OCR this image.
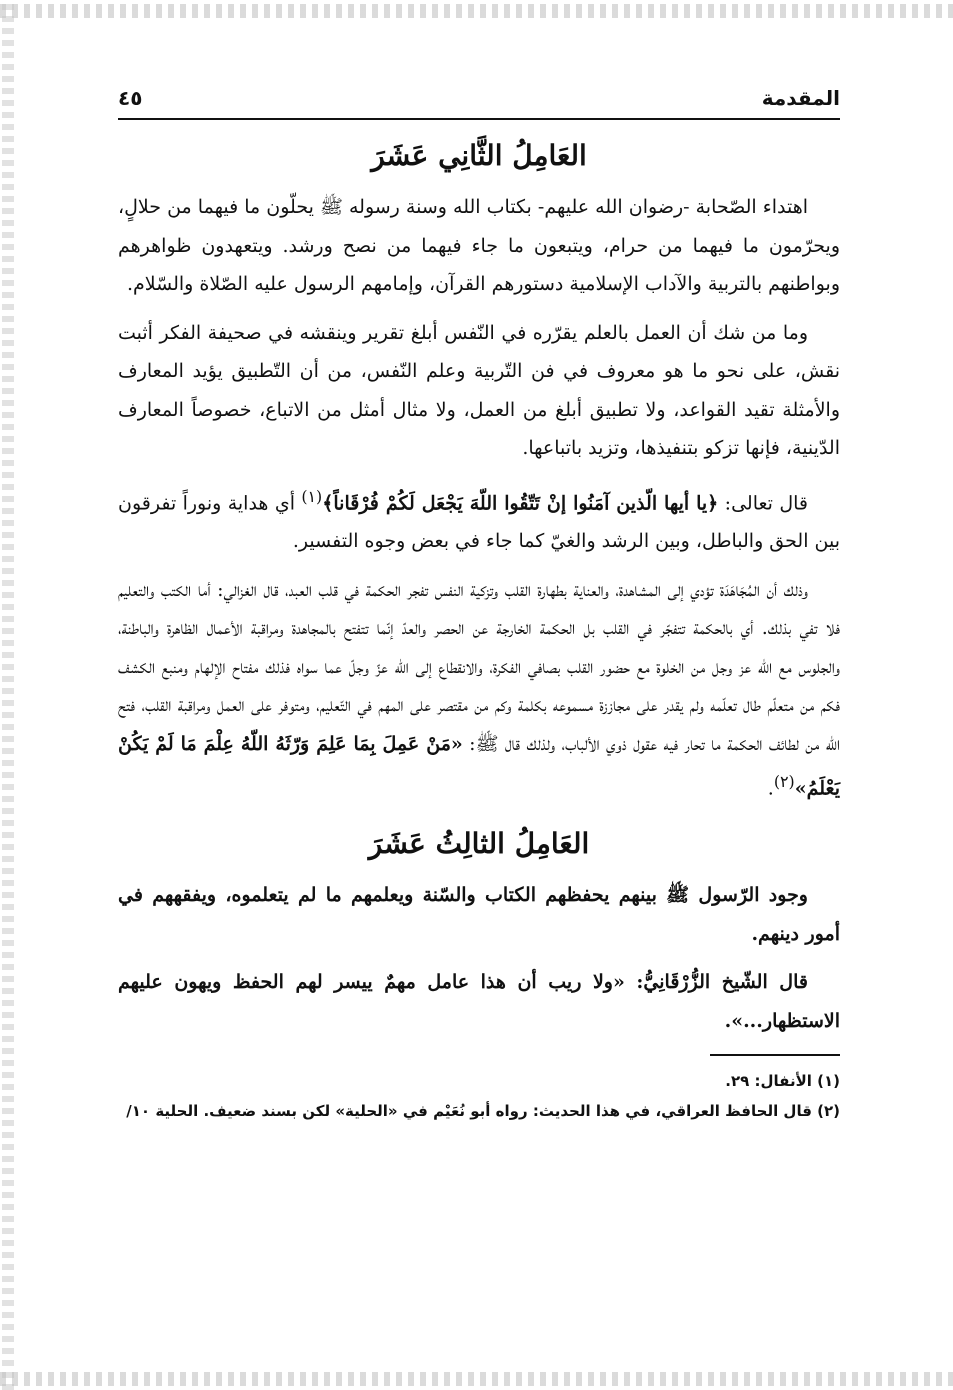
المقدمة
٤٥
العَامِلُ الثَّانِي عَشَرَ

اهتداء الصّحابة -رضوان الله عليهم- بكتاب الله وسنة رسوله ﷺ يحلّون ما فيهما من حلالٍ، ويحرّمون ما فيهما من حرام، ويتبعون ما جاء فيهما من نصح ورشد. ويتعهدون ظواهرهم وبواطنهم بالتربية والآداب الإسلامية دستورهم القرآن، وإمامهم الرسول عليه الصّلاة والسّلام.

وما من شك أن العمل بالعلم يقرّره في النّفس أبلغ تقرير وينقشه في صحيفة الفكر أثبت نقش، على نحو ما هو معروف في فن التّربية وعلم النّفس، من أن التّطبيق يؤيد المعارف والأمثلة تقيد القواعد، ولا تطبيق أبلغ من العمل، ولا مثال أمثل من الاتباع، خصوصاً المعارف الدّينية، فإنها تزكو بتنفيذها، وتزيد باتباعها.

قال تعالى: ﴿يا أيها الّذين آمَنُوا إنْ تَتّقُوا اللّهَ يَجْعَل لَكُمْ فُرْقَاناً﴾$^{(١)}$ أي هداية ونوراً تفرقون بين الحق والباطل، وبين الرشد والغيّ كما جاء في بعض وجوه التفسير.

وذلك أن المُجَاهَدَة تؤدي إلى المشاهدة، والعناية بطهارة القلب وتزكية النفس تفجر الحكمة في قلب العبد، قال الغزالي: أما الكتب والتعليم فلا تفي بذلك. أي بالحكمة تتفجّر في القلب بل الحكمة الخارجة عن الحصر والعدّ إنّما تتفتح بالمجاهدة ومراقبة الأعمال الظاهرة والباطنة، والجلوس مع الله عز وجل من الخلوة مع حضور القلب بصافي الفكرة، والانقطاع إلى الله عزّ وجلّ عما سواه فذلك مفتاح الإلهام ومنبع الكشف فكم من متعلّم طال تعلّمه ولم يقدر على مجاززة مسموعه بكلمة وكم من مقتصر على المهم في التّعليم، ومتوفر على العمل ومراقبة القلب، فتح الله من لطائف الحكمة ما تحار فيه عقول ذوي الألباب، ولذلك قال ﷺ: «مَنْ عَمِلَ بِمَا عَلِمَ وَرّثَهُ اللّهُ عِلْمَ مَا لَمْ يَكُنْ يَعْلَمُ»$^{(٢)}$.

العَامِلُ الثالِثُ عَشَرَ

وجود الرّسول ﷺ بينهم يحفظهم الكتاب والسّنة ويعلمهم ما لم يتعلموه، ويفقههم في أمور دينهم.

قال الشّيخ الزُّرْقَانِيُّ: «ولا ريب أن هذا عامل مهمٌ ييسر لهم الحفظ ويهون عليهم الاستظهار...».

(١) الأنفال: ٢٩.

(٢) قال الحافظ العراقي، في هذا الحديث: رواه أبو نُعَيْم في «الحلية» لكن بسند ضعيف. الحلية ١٠/
